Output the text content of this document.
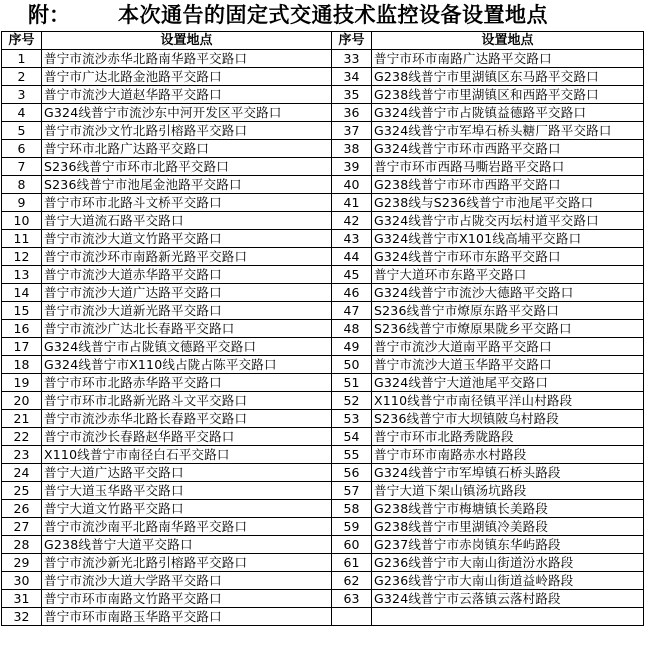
附： 本次通告的固定式交通技术监控设备设置地点
序号	设置地点	序号	设置地点
1	普宁市流沙赤华北路南华路平交路口	33	普宁市环市南路广达路平交路口
2	普宁市广达北路金池路平交路口	34	G238线普宁市里湖镇区东马路平交路口
3	普宁市流沙大道赵华路平交路口	35	G238线普宁市里湖镇区和西路平交路口
4	G324线普宁市流沙东中河开发区平交路口	36	G324线普宁市占陇镇益德路平交路口
5	普宁市流沙文竹北路引榕路平交路口	37	G324线普宁市军埠石桥头糖厂路平交路口
6	普宁环市北路广达路平交路口	38	G324线普宁市环市西路平交路口
7	S236线普宁市环市北路平交路口	39	普宁市环市西路马嘶岩路平交路口
8	S236线普宁市池尾金池路平交路口	40	G238线普宁市环市西路平交路口
9	普宁市环市北路斗文桥平交路口	41	G238线与S236线普宁市池尾平交路口
10	普宁大道流石路平交路口	42	G324线普宁市占陇交丙坛村道平交路口
11	普宁市流沙大道文竹路平交路口	43	G324线普宁市X101线高埔平交路口
12	普宁市流沙环市南路新光路平交路口	44	G324线普宁市环市东路平交路口
13	普宁市流沙大道赤华路平交路口	45	普宁大道环市东路平交路口
14	普宁市流沙大道广达路平交路口	46	G324线普宁市流沙大德路平交路口
15	普宁市流沙大道新光路平交路口	47	S236线普宁市燎原东路平交路口
16	普宁市流沙广达北长春路平交路口	48	S236线普宁市燎原果陇乡平交路口
17	G324线普宁市占陇镇文德路平交路口	49	普宁市流沙大道南平路平交路口
18	G324线普宁市X110线占陇占陈平交路口	50	普宁市流沙大道玉华路平交路口
19	普宁市环市北路赤华路平交路口	51	G324线普宁大道池尾平交路口
20	普宁市环市北路新光路斗文平交路口	52	X110线普宁市南径镇平洋山村路段
21	普宁市流沙赤华北路长春路平交路口	53	S236线普宁市大坝镇陂乌村路段
22	普宁市流沙长春路赵华路平交路口	54	普宁市环市北路秀陇路段
23	X110线普宁市南径白石平交路口	55	普宁市环市南路赤水村路段
24	普宁大道广达路平交路口	56	G324线普宁市军埠镇石桥头路段
25	普宁大道玉华路平交路口	57	普宁大道下架山镇汤坑路段
26	普宁大道文竹路平交路口	58	G238线普宁市梅塘镇长美路段
27	普宁市流沙南平北路南华路平交路口	59	G238线普宁市里湖镇冷美路段
28	G238线普宁大道平交路口	60	G237线普宁市赤岗镇东华屿路段
29	普宁市流沙新光北路引榕路平交路口	61	G236线普宁市大南山街道汾水路段
30	普宁市流沙大道大学路平交路口	62	G236线普宁市大南山街道益岭路段
31	普宁市环市南路文竹路平交路口	63	G324线普宁市云落镇云落村路段
32	普宁市环市南路玉华路平交路口		
